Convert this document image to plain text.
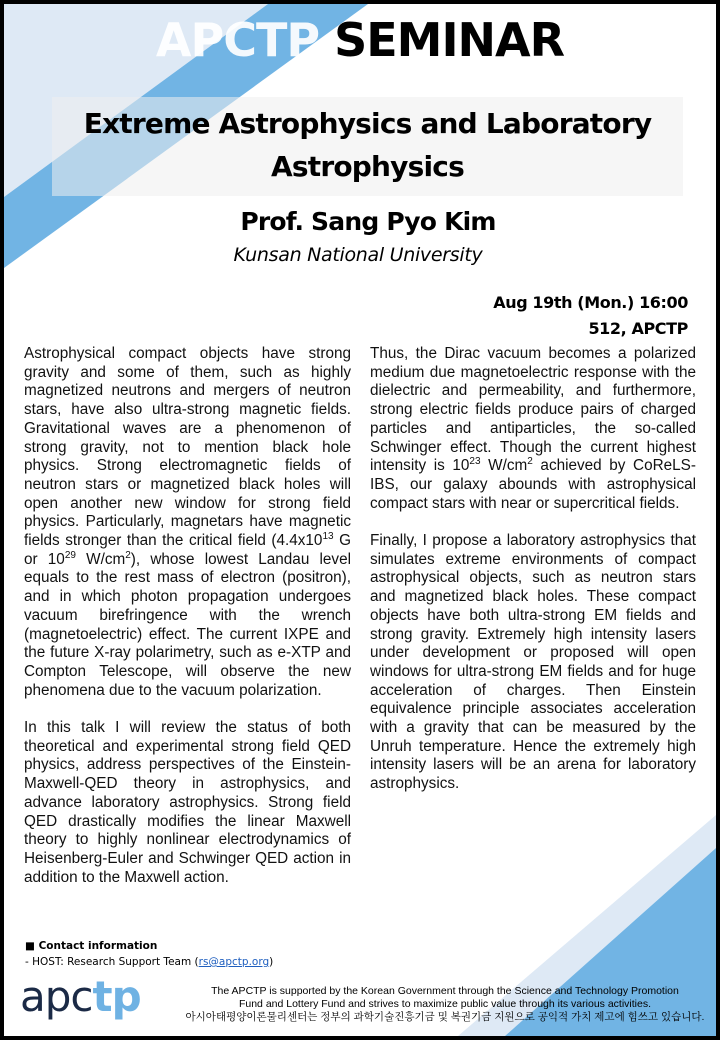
APCTP SEMINAR
Extreme Astrophysics and Laboratory
Astrophysics
Prof. Sang Pyo Kim
Kunsan National University
Aug 19th (Mon.) 16:00
512, APCTP

Astrophysical compact objects have strong gravity and some of them, such as highly magnetized neutrons and mergers of neutron stars, have also ultra-strong magnetic fields. Gravitational waves are a phenomenon of strong gravity, not to mention black hole physics. Strong electromagnetic fields of neutron stars or magnetized black holes will open another new window for strong field physics. Particularly, magnetars have magnetic fields stronger than the critical field ($4.4x10^{13}$ G or $10^{29}$ $W/cm^2$), whose lowest Landau level equals to the rest mass of electron (positron), and in which photon propagation undergoes vacuum birefringence with the wrench (magnetoelectric) effect. The current IXPE and the future X-ray polarimetry, such as e-XTP and Compton Telescope, will observe the new phenomena due to the vacuum polarization.

In this talk I will review the status of both theoretical and experimental strong field QED physics, address perspectives of the Einstein-Maxwell-QED theory in astrophysics, and advance laboratory astrophysics. Strong field QED drastically modifies the linear Maxwell theory to highly nonlinear electrodynamics of Heisenberg-Euler and Schwinger QED action in addition to the Maxwell action.

Thus, the Dirac vacuum becomes a polarized medium due magnetoelectric response with the dielectric and permeability, and furthermore, strong electric fields produce pairs of charged particles and antiparticles, the so-called Schwinger effect. Though the current highest intensity is $10^{23}$ $W/cm^2$ achieved by CoReLS-IBS, our galaxy abounds with astrophysical compact stars with near or supercritical fields.

Finally, I propose a laboratory astrophysics that simulates extreme environments of compact astrophysical objects, such as neutron stars and magnetized black holes. These compact objects have both ultra-strong EM fields and strong gravity. Extremely high intensity lasers under development or proposed will open windows for ultra-strong EM fields and for huge acceleration of charges. Then Einstein equivalence principle associates acceleration with a gravity that can be measured by the Unruh temperature. Hence the extremely high intensity lasers will be an arena for laboratory astrophysics.

■ Contact information
- HOST: Research Support Team (rs@apctp.org)
apctp	The APCTP is supported by the Korean Government through the Science and Technology Promotion
Fund and Lottery Fund and strives to maximize public value through its various activities.
아시아태평양이론물리센터는 정부의 과학기술진흥기금 및 복권기금 지원으로 공익적 가치 제고에 힘쓰고 있습니다.
